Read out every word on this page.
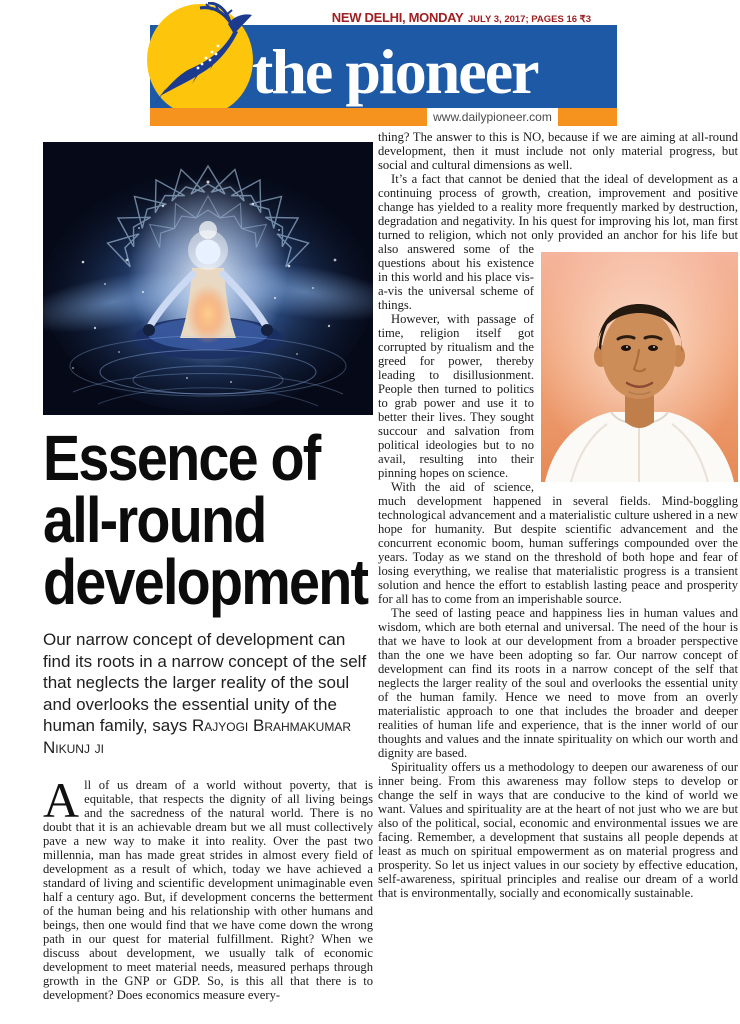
NEW DELHI, MONDAY JULY 3, 2017; PAGES 16 ₹3
the pioneer
www.dailypioneer.com
Essence of
all-round
development

Our narrow concept of development can find its roots in a narrow concept of the self that neglects the larger reality of the soul and overlooks the essential unity of the human family, says Rajyogi Brahmakumar Nikunj ji

All of us dream of a world without poverty, that is equitable, that respects the dignity of all living beings and the sacredness of the natural world. There is no doubt that it is an achievable dream but we all must collectively pave a new way to make it into reality. Over the past two millennia, man has made great strides in almost every field of development as a result of which, today we have achieved a standard of living and scientific development unimaginable even half a century ago. But, if development concerns the betterment of the human being and his relationship with other humans and beings, then one would find that we have come down the wrong path in our quest for material fulfillment. Right? When we discuss about development, we usually talk of economic development to meet material needs, measured perhaps through growth in the GNP or GDP. So, is this all that there is to development? Does economics measure every-

thing? The answer to this is NO, because if we are aiming at all-round development, then it must include not only material progress, but social and cultural dimensions as well.

It’s a fact that cannot be denied that the ideal of development as a continuing process of growth, creation, improvement and positive change has yielded to a reality more frequently marked by destruction, degradation and negativity. In his quest for improving his lot, man first turned to religion, which not only provided an anchor for his life but also answered some of the questions about his existence in this world and his place vis-a-vis the universal scheme of things.

However, with passage of time, religion itself got corrupted by ritualism and the greed for power, thereby leading to disillusionment. People then turned to politics to grab power and use it to better their lives. They sought succour and salvation from political ideologies but to no avail, resulting into their pinning hopes on science.

With the aid of science, much development happened in several fields. Mind-boggling technological advancement and a materialistic culture ushered in a new hope for humanity. But despite scientific advancement and the concurrent economic boom, human sufferings compounded over the years. Today as we stand on the threshold of both hope and fear of losing everything, we realise that materialistic progress is a transient solution and hence the effort to establish lasting peace and prosperity for all has to come from an imperishable source.

The seed of lasting peace and happiness lies in human values and wisdom, which are both eternal and universal. The need of the hour is that we have to look at our development from a broader perspective than the one we have been adopting so far. Our narrow concept of development can find its roots in a narrow concept of the self that neglects the larger reality of the soul and overlooks the essential unity of the human family. Hence we need to move from an overly materialistic approach to one that includes the broader and deeper realities of human life and experience, that is the inner world of our thoughts and values and the innate spirituality on which our worth and dignity are based.

Spirituality offers us a methodology to deepen our awareness of our inner being. From this awareness may follow steps to develop or change the self in ways that are conducive to the kind of world we want. Values and spirituality are at the heart of not just who we are but also of the political, social, economic and environmental issues we are facing. Remember, a development that sustains all people depends at least as much on spiritual empowerment as on material progress and prosperity. So let us inject values in our society by effective education, self-awareness, spiritual principles and realise our dream of a world that is environmentally, socially and economically sustainable.
